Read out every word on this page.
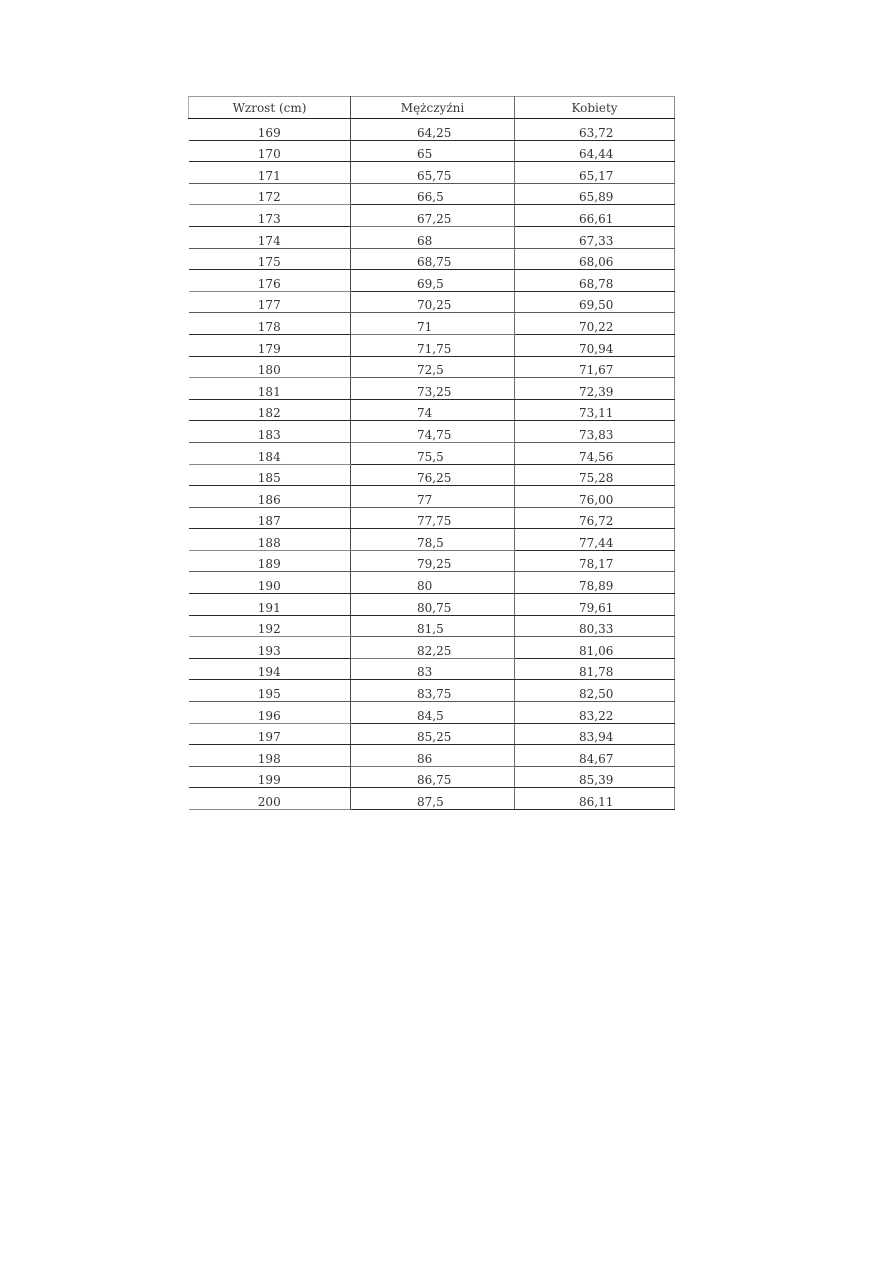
Wzrost (cm)	Mężczyźni	Kobiety
169	64,25	63,72
170	65	64,44
171	65,75	65,17
172	66,5	65,89
173	67,25	66,61
174	68	67,33
175	68,75	68,06
176	69,5	68,78
177	70,25	69,50
178	71	70,22
179	71,75	70,94
180	72,5	71,67
181	73,25	72,39
182	74	73,11
183	74,75	73,83
184	75,5	74,56
185	76,25	75,28
186	77	76,00
187	77,75	76,72
188	78,5	77,44
189	79,25	78,17
190	80	78,89
191	80,75	79,61
192	81,5	80,33
193	82,25	81,06
194	83	81,78
195	83,75	82,50
196	84,5	83,22
197	85,25	83,94
198	86	84,67
199	86,75	85,39
200	87,5	86,11
